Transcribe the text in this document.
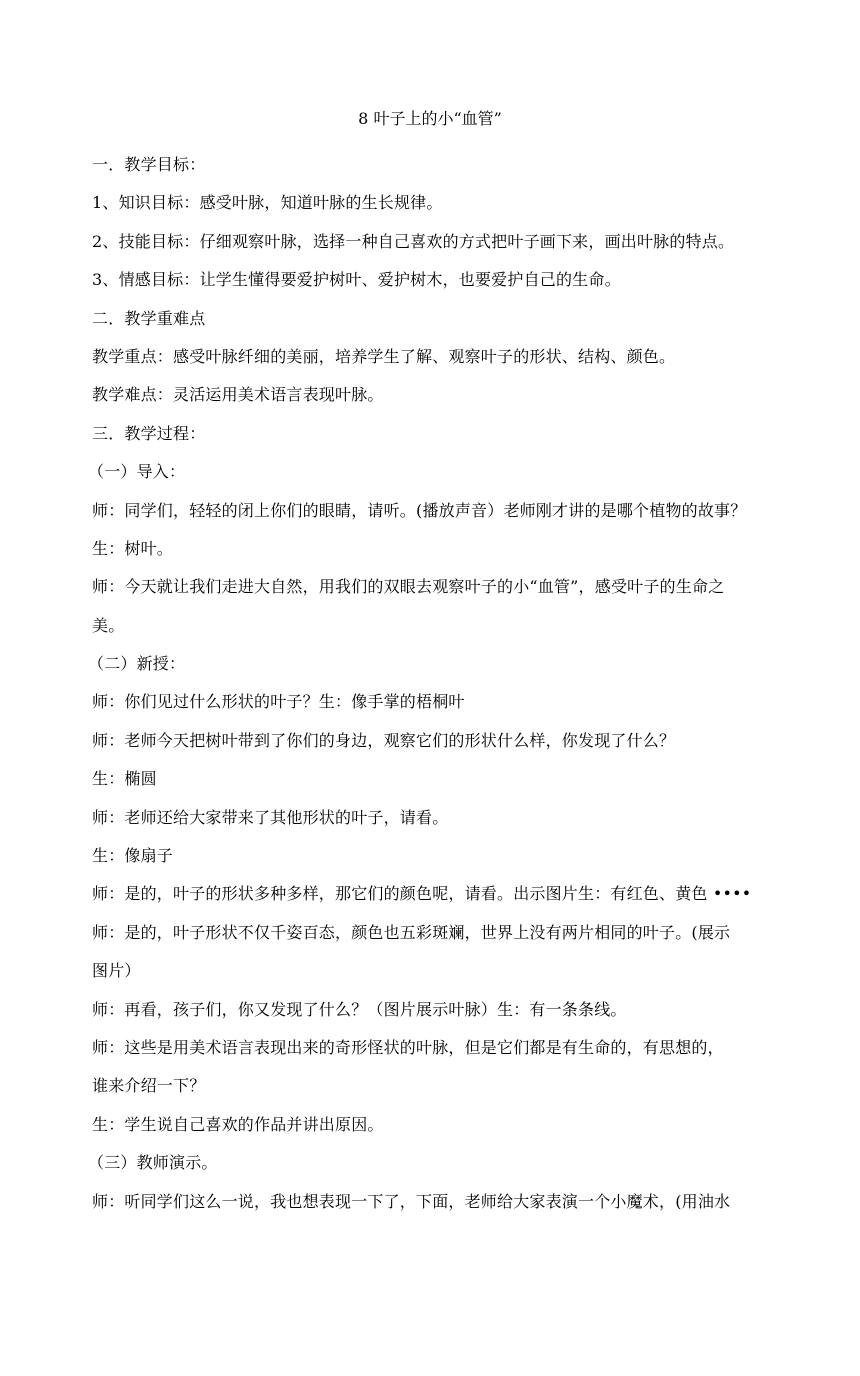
8 叶子上的小“血管”
一．教学目标：
1、知识目标：感受叶脉，知道叶脉的生长规律。
2、技能目标：仔细观察叶脉，选择一种自己喜欢的方式把叶子画下来，画出叶脉的特点。
3、情感目标：让学生懂得要爱护树叶、爱护树木，也要爱护自己的生命。
二．教学重难点
教学重点：感受叶脉纤细的美丽，培养学生了解、观察叶子的形状、结构、颜色。
教学难点：灵活运用美术语言表现叶脉。
三．教学过程：
（一）导入：
师：同学们，轻轻的闭上你们的眼睛，请听。(播放声音）老师刚才讲的是哪个植物的故事？
生：树叶。
师：今天就让我们走进大自然，用我们的双眼去观察叶子的小“血管”，感受叶子的生命之
美。
（二）新授：
师：你们见过什么形状的叶子？生：像手掌的梧桐叶
师：老师今天把树叶带到了你们的身边，观察它们的形状什么样，你发现了什么？
生：椭圆
师：老师还给大家带来了其他形状的叶子，请看。
生：像扇子
师：是的，叶子的形状多种多样，那它们的颜色呢，请看。出示图片生：有红色、黄色 ••••
师：是的，叶子形状不仅千姿百态，颜色也五彩斑斓，世界上没有两片相同的叶子。(展示
图片）
师：再看，孩子们，你又发现了什么？（图片展示叶脉）生：有一条条线。
师：这些是用美术语言表现出来的奇形怪状的叶脉，但是它们都是有生命的，有思想的，
谁来介绍一下？
生：学生说自己喜欢的作品并讲出原因。
（三）教师演示。
师：听同学们这么一说，我也想表现一下了，下面，老师给大家表演一个小魔术，(用油水
